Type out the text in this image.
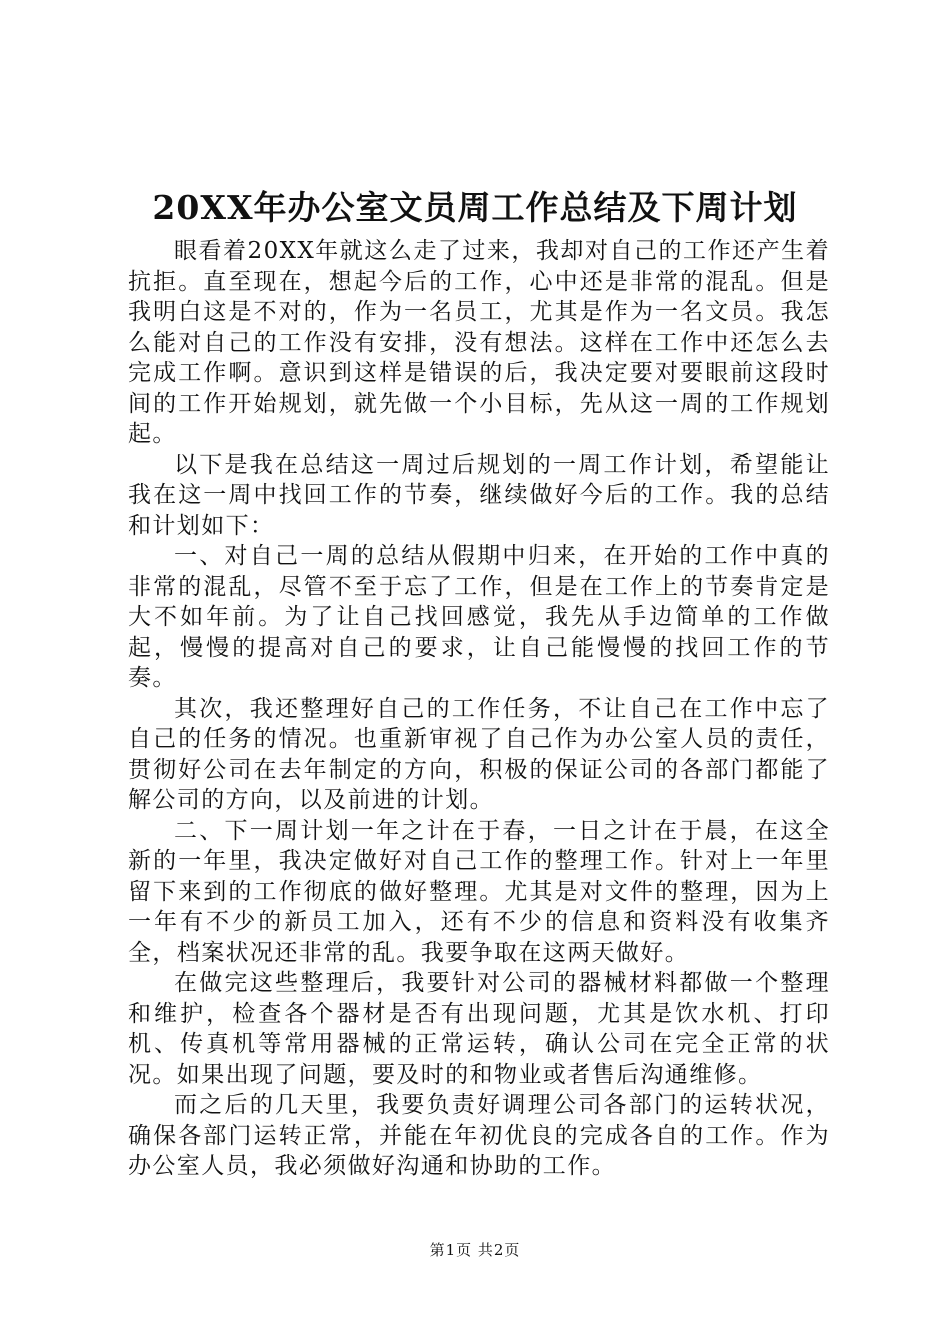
20XX年办公室文员周工作总结及下周计划

眼看着20XX年就这么走了过来，我却对自己的工作还产生着抗拒。直至现在，想起今后的工作，心中还是非常的混乱。但是我明白这是不对的，作为一名员工，尤其是作为一名文员。我怎么能对自己的工作没有安排，没有想法。这样在工作中还怎么去完成工作啊。意识到这样是错误的后，我决定要对要眼前这段时间的工作开始规划，就先做一个小目标，先从这一周的工作规划起。

以下是我在总结这一周过后规划的一周工作计划，希望能让我在这一周中找回工作的节奏，继续做好今后的工作。我的总结和计划如下：

一、对自己一周的总结从假期中归来，在开始的工作中真的非常的混乱，尽管不至于忘了工作，但是在工作上的节奏肯定是大不如年前。为了让自己找回感觉，我先从手边简单的工作做起，慢慢的提高对自己的要求，让自己能慢慢的找回工作的节奏。

其次，我还整理好自己的工作任务，不让自己在工作中忘了自己的任务的情况。也重新审视了自己作为办公室人员的责任，贯彻好公司在去年制定的方向，积极的保证公司的各部门都能了解公司的方向，以及前进的计划。

二、下一周计划一年之计在于春，一日之计在于晨，在这全新的一年里，我决定做好对自己工作的整理工作。针对上一年里留下来到的工作彻底的做好整理。尤其是对文件的整理，因为上一年有不少的新员工加入，还有不少的信息和资料没有收集齐全，档案状况还非常的乱。我要争取在这两天做好。

在做完这些整理后，我要针对公司的器械材料都做一个整理和维护，检查各个器材是否有出现问题，尤其是饮水机、打印机、传真机等常用器械的正常运转，确认公司在完全正常的状况。如果出现了问题，要及时的和物业或者售后沟通维修。

而之后的几天里，我要负责好调理公司各部门的运转状况，确保各部门运转正常，并能在年初优良的完成各自的工作。作为办公室人员，我必须做好沟通和协助的工作。

第1页 共2页
